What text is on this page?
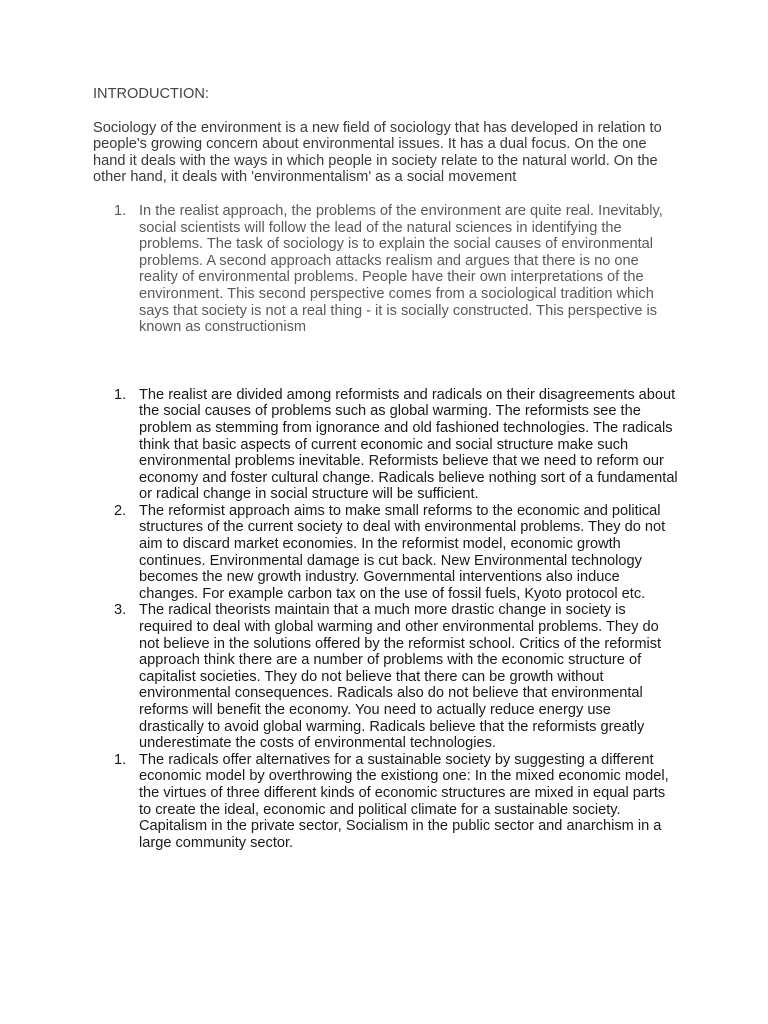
INTRODUCTION:

Sociology of the environment is a new field of sociology that has developed in relation to people's growing concern about environmental issues. It has a dual focus. On the one hand it deals with the ways in which people in society relate to the natural world. On the other hand, it deals with 'environmentalism' as a social movement

1. In the realist approach, the problems of the environment are quite real. Inevitably, social scientists will follow the lead of the natural sciences in identifying the problems. The task of sociology is to explain the social causes of environmental problems. A second approach attacks realism and argues that there is no one reality of environmental problems. People have their own interpretations of the environment. This second perspective comes from a sociological tradition which says that society is not a real thing - it is socially constructed. This perspective is known as constructionism
1. The realist are divided among reformists and radicals on their disagreements about the social causes of problems such as global warming. The reformists see the problem as stemming from ignorance and old fashioned technologies. The radicals think that basic aspects of current economic and social structure make such environmental problems inevitable. Reformists believe that we need to reform our economy and foster cultural change. Radicals believe nothing sort of a fundamental or radical change in social structure will be sufficient.
2. The reformist approach aims to make small reforms to the economic and political structures of the current society to deal with environmental problems. They do not aim to discard market economies. In the reformist model, economic growth continues. Environmental damage is cut back. New Environmental technology becomes the new growth industry. Governmental interventions also induce changes. For example carbon tax on the use of fossil fuels, Kyoto protocol etc.
3. The radical theorists maintain that a much more drastic change in society is required to deal with global warming and other environmental problems. They do not believe in the solutions offered by the reformist school. Critics of the reformist approach think there are a number of problems with the economic structure of capitalist societies. They do not believe that there can be growth without environmental consequences. Radicals also do not believe that environmental reforms will benefit the economy. You need to actually reduce energy use drastically to avoid global warming. Radicals believe that the reformists greatly underestimate the costs of environmental technologies.
1. The radicals offer alternatives for a sustainable society by suggesting a different economic model by overthrowing the existiong one: In the mixed economic model, the virtues of three different kinds of economic structures are mixed in equal parts to create the ideal, economic and political climate for a sustainable society. Capitalism in the private sector, Socialism in the public sector and anarchism in a large community sector.
